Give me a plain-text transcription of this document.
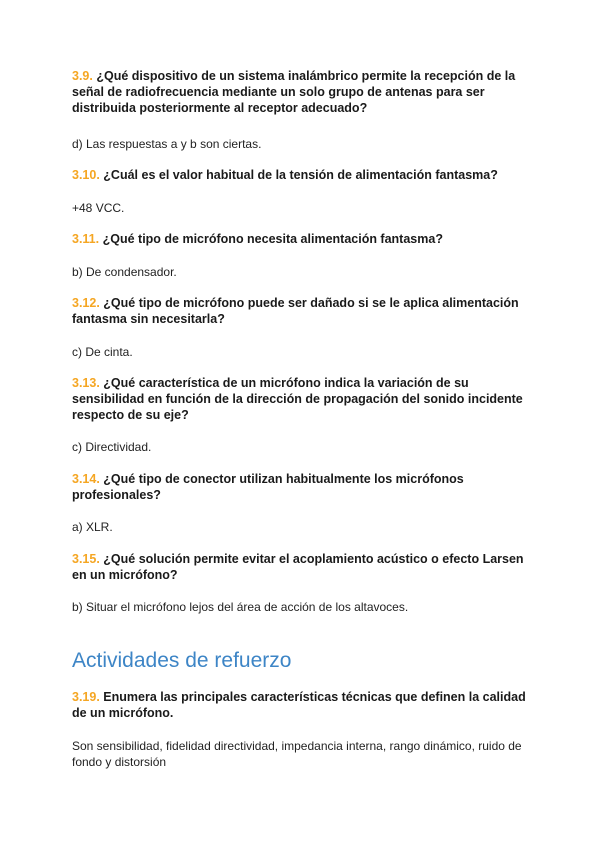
3.9. ¿Qué dispositivo de un sistema inalámbrico permite la recepción de la señal de radiofrecuencia mediante un solo grupo de antenas para ser distribuida posteriormente al receptor adecuado?

d) Las respuestas a y b son ciertas.

3.10. ¿Cuál es el valor habitual de la tensión de alimentación fantasma?

+48 VCC.

3.11. ¿Qué tipo de micrófono necesita alimentación fantasma?

b) De condensador.

3.12. ¿Qué tipo de micrófono puede ser dañado si se le aplica alimentación fantasma sin necesitarla?

c) De cinta.

3.13. ¿Qué característica de un micrófono indica la variación de su sensibilidad en función de la dirección de propagación del sonido incidente respecto de su eje?

c) Directividad.

3.14. ¿Qué tipo de conector utilizan habitualmente los micrófonos profesionales?

a) XLR.

3.15. ¿Qué solución permite evitar el acoplamiento acústico o efecto Larsen en un micrófono?

b) Situar el micrófono lejos del área de acción de los altavoces.

Actividades de refuerzo

3.19. Enumera las principales características técnicas que definen la calidad de un micrófono.

Son sensibilidad, fidelidad directividad, impedancia interna, rango dinámico, ruido de fondo y distorsión
